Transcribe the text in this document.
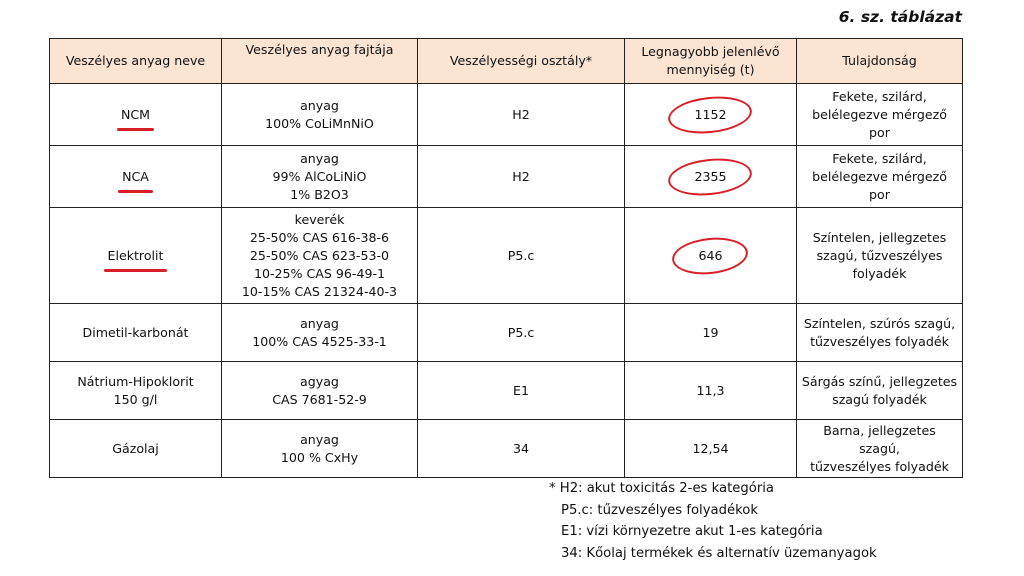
6. sz. táblázat
Veszélyes anyag neve	Veszélyes anyag fajtája	Veszélyességi osztály*	Legnagyobb jelenlévő
mennyiség (t)	Tulajdonság
NCM	anyag
100% CoLiMnNiO	H2	1152	Fekete, szilárd,
belélegezve mérgező
por

NCA	anyag
99% AlCoLiNiO
1% B2O3	H2	2355	Fekete, szilárd,
belélegezve mérgező
por

Elektrolit	keverék
25-50% CAS 616-38-6
25-50% CAS 623-53-0
10-25% CAS 96-49-1
10-15% CAS 21324-40-3	P5.c	646	Színtelen, jellegzetes
szagú, tűzveszélyes
folyadék

Dimetil-karbonát	anyag
100% CAS 4525-33-1	P5.c	19	Színtelen, szúrós szagú,
tűzveszélyes folyadék

Nátrium-Hipoklorit
150 g/l	agyag
CAS 7681-52-9	E1	11,3	Sárgás színű, jellegzetes
szagú folyadék

Gázolaj	anyag
100 % CxHy	34	12,54	Barna, jellegzetes szagú,
tűzveszélyes folyadék
* H2: akut toxicitás 2-es kategória
P5.c: tűzveszélyes folyadékok
E1: vízi környezetre akut 1-es kategória
34: Kőolaj termékek és alternatív üzemanyagok
